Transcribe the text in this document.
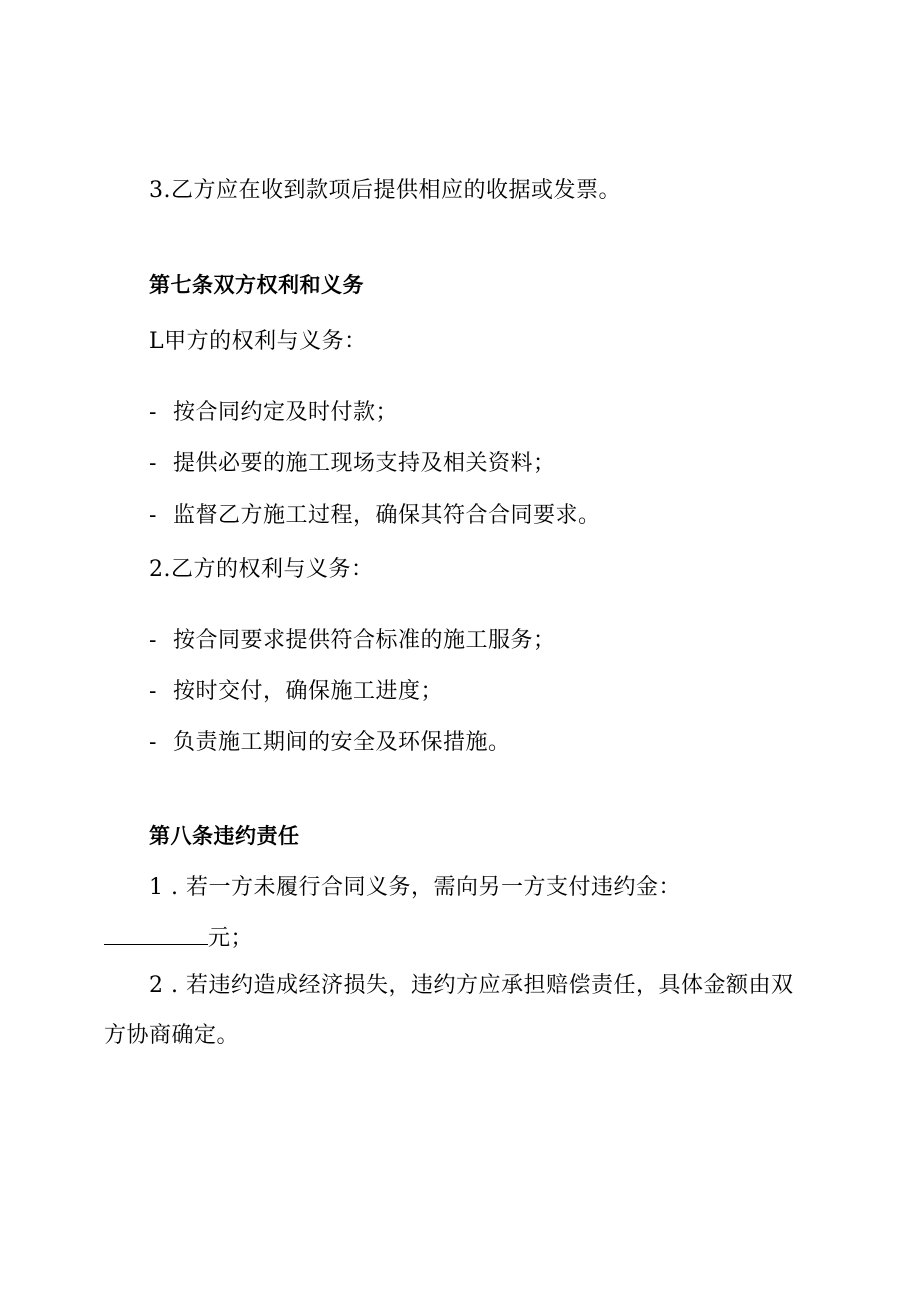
3.乙方应在收到款项后提供相应的收据或发票。
第七条双方权利和义务
L甲方的权利与义务：
- 按合同约定及时付款；
- 提供必要的施工现场支持及相关资料；
- 监督乙方施工过程，确保其符合合同要求。
2.乙方的权利与义务：
- 按合同要求提供符合标准的施工服务；
- 按时交付，确保施工进度；
- 负责施工期间的安全及环保措施。
第八条违约责任
1 . 若一方未履行合同义务，需向另一方支付违约金：
元；
2 . 若违约造成经济损失，违约方应承担赔偿责任，具体金额由双
方协商确定。
